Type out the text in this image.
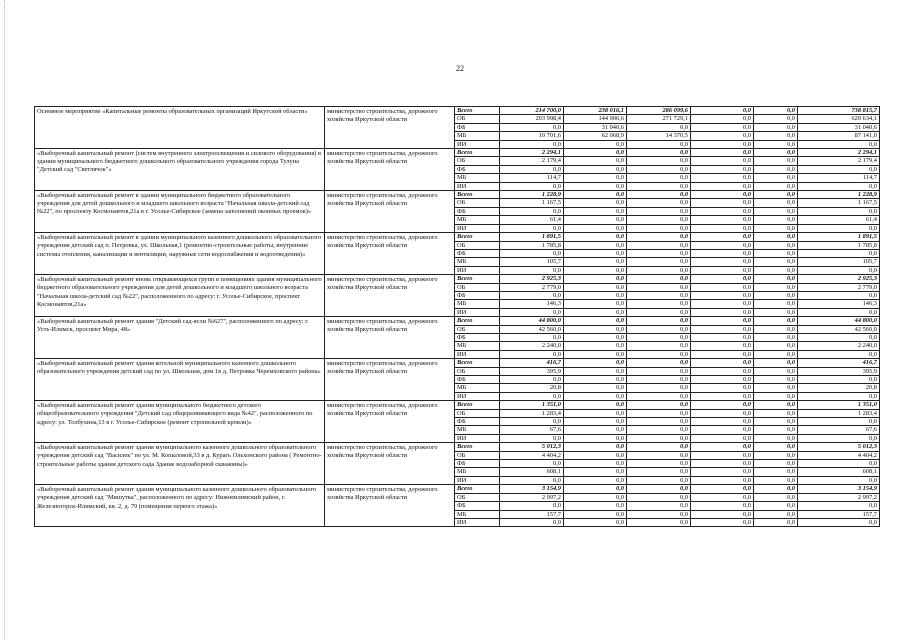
22
Основное мероприятие «Капитальные ремонты образовательных организаций Иркутской области»	министерство строительства, дорожного хозяйства Иркутской области	Всего	214 700,0	238 016,1	286 099,6	0,0	0,0	738 815,7
		ОБ	203 998,4	144 906,6	271 729,1	0,0	0,0	620 634,1
		ФБ	0,0	31 040,6	0,0	0,0	0,0	31 040,6
		МБ	10 701,6	62 068,9	14 370,5	0,0	0,0	87 141,0
		ИИ	0,0	0,0	0,0	0,0	0,0	0,0
«Выборочный капитальный ремонт (систем внутреннего электроосвещения и силового оборудования) в здании муниципального бюджетного дошкольного образовательного учреждения города Тулуна "Детский сад "Светлячок"»	министерство строительства, дорожного хозяйства Иркутской области	Всего	2 294,1	0,0	0,0	0,0	0,0	2 294,1
		ОБ	2 179,4	0,0	0,0	0,0	0,0	2 179,4
		ФБ	0,0	0,0	0,0	0,0	0,0	0,0
		МБ	114,7	0,0	0,0	0,0	0,0	114,7
		ИИ	0,0	0,0	0,0	0,0	0,0	0,0
«Выборочный капитальный ремонт в здании муниципального бюджетного образовательного учреждения для детей дошкольного и младшего школьного возраста "Начальная школа-детский сад №22", по проспекту Космонавтов,21а в г. Усолье-Сибирское (замена заполнений оконных проемов)»	министерство строительства, дорожного хозяйства Иркутской области	Всего	1 228,9	0,0	0,0	0,0	0,0	1 228,9
		ОБ	1 167,5	0,0	0,0	0,0	0,0	1 167,5
		ФБ	0,0	0,0	0,0	0,0	0,0	0,0
		МБ	61,4	0,0	0,0	0,0	0,0	61,4
		ИИ	0,0	0,0	0,0	0,0	0,0	0,0
«Выборочный капитальный ремонт в здании муниципального казенного дошкольного образовательного учреждения детский сад п. Петровка, ул. Школьная,1 (ремонтно-строительные работы, внутренние системы отопления, канализации и вентиляции, наружные сети водоснабжения и водоотведения)»	министерство строительства, дорожного хозяйства Иркутской области	Всего	1 891,5	0,0	0,0	0,0	0,0	1 891,5
		ОБ	1 785,8	0,0	0,0	0,0	0,0	1 785,8
		ФБ	0,0	0,0	0,0	0,0	0,0	0,0
		МБ	105,7	0,0	0,0	0,0	0,0	105,7
		ИИ	0,0	0,0	0,0	0,0	0,0	0,0
«Выборочный капитальный ремонт вновь открывающихся групп в помещениях здания муниципального бюджетного образовательного учреждения для детей дошкольного и младшего школьного возраста "Начальная школа-детский сад №22", расположенного по адресу: г. Усолье-Сибирское, проспект Космонавтов,21а»	министерство строительства, дорожного хозяйства Иркутской области	Всего	2 925,3	0,0	0,0	0,0	0,0	2 925,3
		ОБ	2 779,0	0,0	0,0	0,0	0,0	2 779,0
		ФБ	0,0	0,0	0,0	0,0	0,0	0,0
		МБ	146,3	0,0	0,0	0,0	0,0	146,3
		ИИ	0,0	0,0	0,0	0,0	0,0	0,0
«Выборочный капитальный ремонт здания "Детский сад-ясли №627", расположенного по адресу: г. Усть-Илимск, проспект Мира, 48»	министерство строительства, дорожного хозяйства Иркутской области	Всего	44 800,0	0,0	0,0	0,0	0,0	44 800,0
		ОБ	42 560,0	0,0	0,0	0,0	0,0	42 560,0
		ФБ	0,0	0,0	0,0	0,0	0,0	0,0
		МБ	2 240,0	0,0	0,0	0,0	0,0	2 240,0
		ИИ	0,0	0,0	0,0	0,0	0,0	0,0
«Выборочный капитальный ремонт здания котельной муниципального казенного дошкольного образовательного учреждения детский сад по ул. Школьная, дом 1в д. Петровка Черемховского района»	министерство строительства, дорожного хозяйства Иркутской области	Всего	416,7	0,0	0,0	0,0	0,0	416,7
		ОБ	395,9	0,0	0,0	0,0	0,0	395,9
		ФБ	0,0	0,0	0,0	0,0	0,0	0,0
		МБ	20,8	0,0	0,0	0,0	0,0	20,8
		ИИ	0,0	0,0	0,0	0,0	0,0	0,0
«Выборочный капитальный ремонт здания муниципального бюджетного детского общеобразовательного учреждения "Детский сад общеразвивающего вида №42", расположенного по адресу: ул. Толбухина,13 в г. Усолье-Сибирское (ремонт стропильной кровли)»	министерство строительства, дорожного хозяйства Иркутской области	Всего	1 351,0	0,0	0,0	0,0	0,0	1 351,0
		ОБ	1 283,4	0,0	0,0	0,0	0,0	1 283,4
		ФБ	0,0	0,0	0,0	0,0	0,0	0,0
		МБ	67,6	0,0	0,0	0,0	0,0	67,6
		ИИ	0,0	0,0	0,0	0,0	0,0	0,0
«Выборочный капитальный ремонт здания муниципального казенного дошкольного образовательного учреждения детский сад "Ваcилек" по ул. М. Копыловой,33 в д. Курагь Ольхонского района ( Ремонтно-строительные работы здания детского сада Здание водозаборной скважины)»	министерство строительства, дорожного хозяйства Иркутской области	Всего	5 012,3	0,0	0,0	0,0	0,0	5 012,3
		ОБ	4 404,2	0,0	0,0	0,0	0,0	4 404,2
		ФБ	0,0	0,0	0,0	0,0	0,0	0,0
		МБ	608,1	0,0	0,0	0,0	0,0	608,1
		ИИ	0,0	0,0	0,0	0,0	0,0	0,0
«Выборочный капитальный ремонт здания муниципального казенного дошкольного образовательного учреждения детский сад "Мишутка", расположенного по адресу: Нижнеилимский район, г. Железногорск-Илимский, кв. 2, д. 79 (помещения первого этажа)»	министерство строительства, дорожного хозяйства Иркутской области	Всего	3 154,9	0,0	0,0	0,0	0,0	3 154,9
		ОБ	2 997,2	0,0	0,0	0,0	0,0	2 997,2
		ФБ	0,0	0,0	0,0	0,0	0,0	0,0
		МБ	157,7	0,0	0,0	0,0	0,0	157,7
		ИИ	0,0	0,0	0,0	0,0	0,0	0,0
